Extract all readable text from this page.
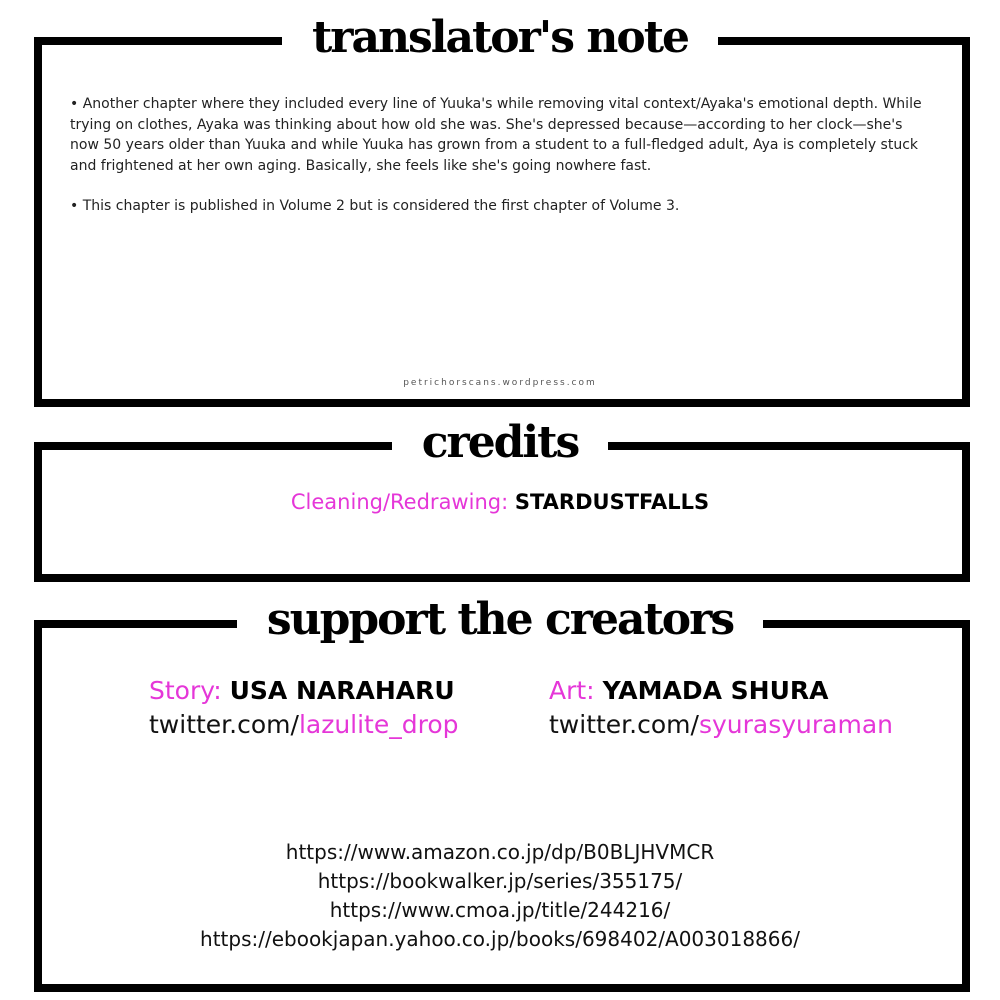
translator's note

• Another chapter where they included every line of Yuuka's while removing vital context/Ayaka's emotional depth. While trying on clothes, Ayaka was thinking about how old she was. She's depressed because—according to her clock—she's now 50 years older than Yuuka and while Yuuka has grown from a student to a full-fledged adult, Aya is completely stuck and frightened at her own aging. Basically, she feels like she's going nowhere fast.

• This chapter is published in Volume 2 but is considered the first chapter of Volume 3.

petrichorscans.wordpress.com
credits
Cleaning/Redrawing: STARDUSTFALLS
support the creators
Story: USA NARAHARU
twitter.com/lazulite_drop
Art: YAMADA SHURA
twitter.com/syurasyuraman
https://www.amazon.co.jp/dp/B0BLJHVMCR
https://bookwalker.jp/series/355175/
https://www.cmoa.jp/title/244216/
https://ebookjapan.yahoo.co.jp/books/698402/A003018866/
